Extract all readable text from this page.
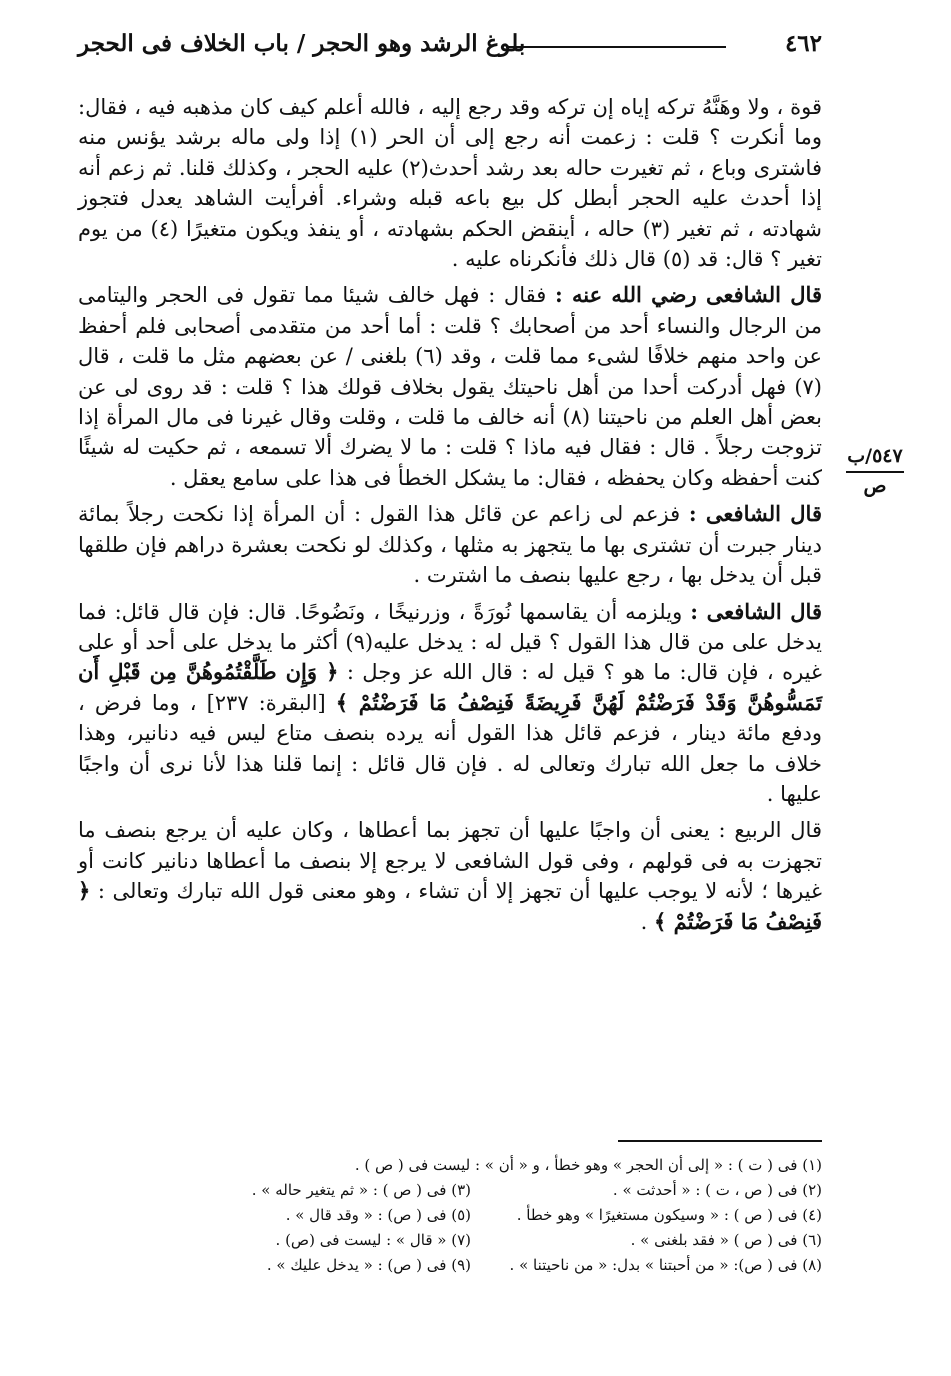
٤٦٢
بلوغ الرشد وهو الحجر / باب الخلاف فى الحجر
٥٤٧/ب
ص

قوة ، ولا وهَنَّهُ تركه إياه إن تركه وقد رجع إليه ، فالله أعلم كيف كان مذهبه فيه ، فقال: وما أنكرت ؟ قلت : زعمت أنه رجع إلى أن الحر (١) إذا ولى ماله برشد يؤنس منه فاشترى وباع ، ثم تغيرت حاله بعد رشد أحدث(٢) عليه الحجر ، وكذلك قلنا. ثم زعم أنه إذا أحدث عليه الحجر أبطل كل بيع باعه قبله وشراء. أفرأيت الشاهد يعدل فتجوز شهادته ، ثم تغير (٣) حاله ، أينقض الحكم بشهادته ، أو ينفذ ويكون متغيرًا (٤) من يوم تغير ؟ قال: قد (٥) قال ذلك فأنكرناه عليه .

قال الشافعى رضي الله عنه : فقال : فهل خالف شيئا مما تقول فى الحجر واليتامى من الرجال والنساء أحد من أصحابك ؟ قلت : أما أحد من متقدمى أصحابى فلم أحفظ عن واحد منهم خلافًا لشىء مما قلت ، وقد (٦) بلغنى / عن بعضهم مثل ما قلت ، قال (٧) فهل أدركت أحدا من أهل ناحيتك يقول بخلاف قولك هذا ؟ قلت : قد روى لى عن بعض أهل العلم من ناحيتنا (٨) أنه خالف ما قلت ، وقلت وقال غيرنا فى مال المرأة إذا تزوجت رجلاً . قال : فقال فيه ماذا ؟ قلت : ما لا يضرك ألا تسمعه ، ثم حكيت له شيئًا كنت أحفظه وكان يحفظه ، فقال: ما يشكل الخطأ فى هذا على سامع يعقل .

قال الشافعى : فزعم لى زاعم عن قائل هذا القول : أن المرأة إذا نكحت رجلاً بمائة دينار جبرت أن تشترى بها ما يتجهز به مثلها ، وكذلك لو نكحت بعشرة دراهم فإن طلقها قبل أن يدخل بها ، رجع عليها بنصف ما اشترت .

قال الشافعى : ويلزمه أن يقاسمها نُورَةً ، وزرنيخًا ، ونَضُوحًا. قال: فإن قال قائل: فما يدخل على من قال هذا القول ؟ قيل له : يدخل عليه(٩) أكثر ما يدخل على أحد أو على غيره ، فإن قال: ما هو ؟ قيل له : قال الله عز وجل : ﴿ وَإِن طَلَّقْتُمُوهُنَّ مِن قَبْلِ أَن تَمَسُّوهُنَّ وَقَدْ فَرَضْتُمْ لَهُنَّ فَرِيضَةً فَنِصْفُ مَا فَرَضْتُمْ ﴾ [البقرة: ٢٣٧] ، وما فرض ، ودفع مائة دينار ، فزعم قائل هذا القول أنه يرده بنصف متاع ليس فيه دنانير، وهذا خلاف ما جعل الله تبارك وتعالى له . فإن قال قائل : إنما قلنا هذا لأنا نرى أن واجبًا عليها .

قال الربيع : يعنى أن واجبًا عليها أن تجهز بما أعطاها ، وكان عليه أن يرجع بنصف ما تجهزت به فى قولهم ، وفى قول الشافعى لا يرجع إلا بنصف ما أعطاها دنانير كانت أو غيرها ؛ لأنه لا يوجب عليها أن تجهز إلا أن تشاء ، وهو معنى قول الله تبارك وتعالى : ﴿ فَنِصْفُ مَا فَرَضْتُمْ ﴾ .

(١) فى ( ت ) : « إلى أن الحجر » وهو خطأ ، و « أن » : ليست فى ( ص ) .
(٢) فى ( ص ، ت ) : « أحدثت » .
(٣) فى ( ص ) : « ثم يتغير حاله » .
(٤) فى ( ص ) : « وسيكون مستغيرًا » وهو خطأ .
(٥) فى ( ص) : « وقد قال » .
(٦) فى ( ص ) « فقد بلغنى » .
(٧) « قال » : ليست فى (ص) .
(٨) فى ( ص): « من أحبتنا » بدل: « من ناحيتنا » .
(٩) فى ( ص) : « يدخل عليك » .
